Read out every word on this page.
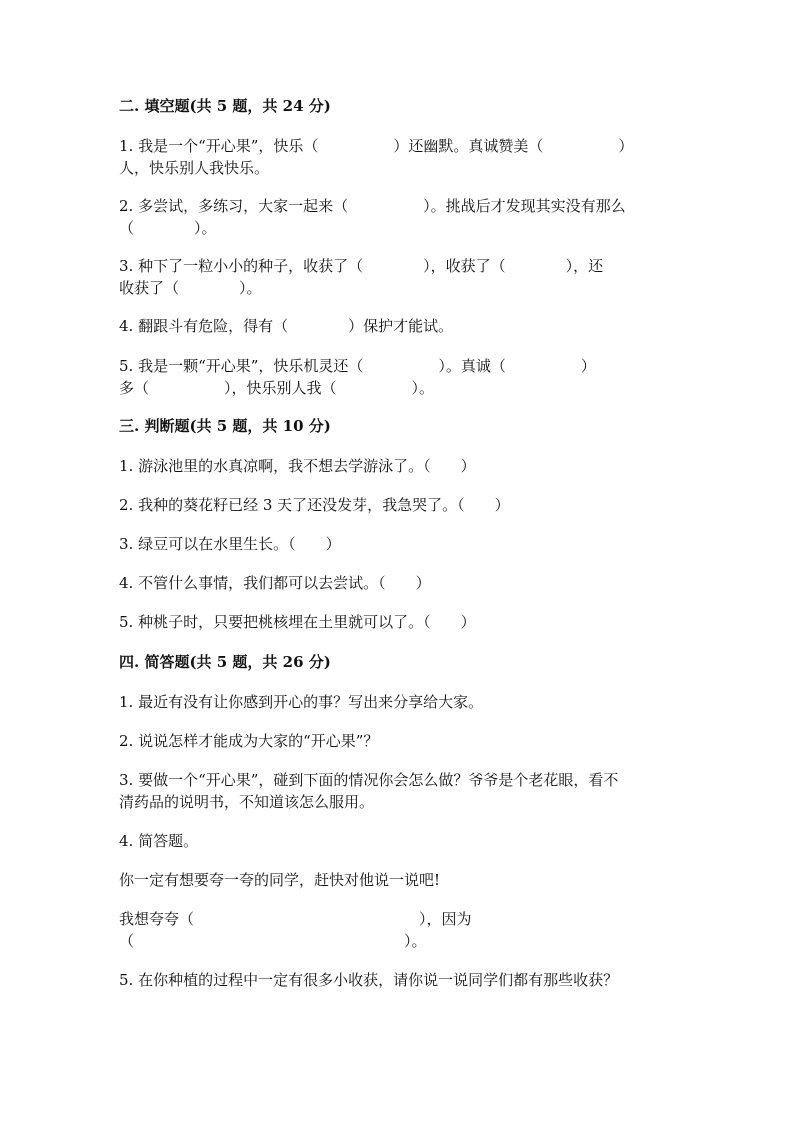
二. 填空题(共 5 题，共 24 分)
1. 我是一个“开心果”，快乐（　　　　　）还幽默。真诚赞美（　　　　　）
人，快乐别人我快乐。
2. 多尝试，多练习，大家一起来（　　　　　）。挑战后才发现其实没有那么
（　　　　）。
3. 种下了一粒小小的种子，收获了（　　　　），收获了（　　　　），还
收获了（　　　　）。
4. 翻跟斗有危险，得有（　　　　）保护才能试。
5. 我是一颗“开心果”，快乐机灵还（　　　　　）。真诚（　　　　　）
多（　　　　　），快乐别人我（　　　　　）。
三. 判断题(共 5 题，共 10 分)
1. 游泳池里的水真凉啊，我不想去学游泳了。（　　）
2. 我种的葵花籽已经 3 天了还没发芽，我急哭了。（　　）
3. 绿豆可以在水里生长。（　　）
4. 不管什么事情，我们都可以去尝试。（　　）
5. 种桃子时，只要把桃核埋在土里就可以了。（　　）
四. 简答题(共 5 题，共 26 分)
1. 最近有没有让你感到开心的事？写出来分享给大家。
2. 说说怎样才能成为大家的“开心果”？
3. 要做一个“开心果”，碰到下面的情况你会怎么做？爷爷是个老花眼，看不
清药品的说明书，不知道该怎么服用。
4. 简答题。
你一定有想要夸一夸的同学，赶快对他说一说吧!
我想夸夸（　　　　　　　　　　　　　　　），因为
（　　　　　　　　　　　　　　　　　　）。
5. 在你种植的过程中一定有很多小收获，请你说一说同学们都有那些收获？
